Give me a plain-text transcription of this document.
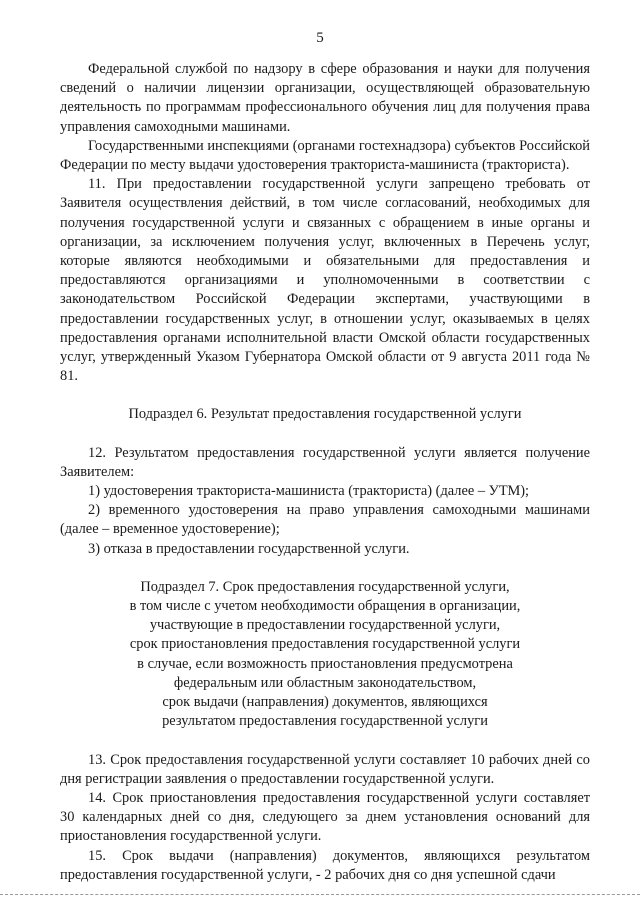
5

Федеральной службой по надзору в сфере образования и науки для получения сведений о наличии лицензии организации, осуществляющей образовательную деятельность по программам профессионального обучения лиц для получения права управления самоходными машинами.

Государственными инспекциями (органами гостехнадзора) субъектов Российской Федерации по месту выдачи удостоверения тракториста-машиниста (тракториста).

11. При предоставлении государственной услуги запрещено требовать от Заявителя осуществления действий, в том числе согласований, необходимых для получения государственной услуги и связанных с обращением в иные органы и организации, за исключением получения услуг, включенных в Перечень услуг, которые являются необходимыми и обязательными для предоставления и предоставляются организациями и уполномоченными в соответствии с законодательством Российской Федерации экспертами, участвующими в предоставлении государственных услуг, в отношении услуг, оказываемых в целях предоставления органами исполнительной власти Омской области государственных услуг, утвержденный Указом Губернатора Омской области от 9 августа 2011 года № 81.

Подраздел 6. Результат предоставления государственной услуги

12. Результатом предоставления государственной услуги является получение Заявителем:

1) удостоверения тракториста-машиниста (тракториста) (далее – УТМ);

2) временного удостоверения на право управления самоходными машинами (далее – временное удостоверение);

3) отказа в предоставлении государственной услуги.

Подраздел 7. Срок предоставления государственной услуги,

в том числе с учетом необходимости обращения в организации,

участвующие в предоставлении государственной услуги,

срок приостановления предоставления государственной услуги

в случае, если возможность приостановления предусмотрена

федеральным или областным законодательством,

срок выдачи (направления) документов, являющихся

результатом предоставления государственной услуги

13. Срок предоставления государственной услуги составляет 10 рабочих дней со дня регистрации заявления о предоставлении государственной услуги.

14. Срок приостановления предоставления государственной услуги составляет 30 календарных дней со дня, следующего за днем установления оснований для приостановления государственной услуги.

15. Срок выдачи (направления) документов, являющихся результатом предоставления государственной услуги, - 2 рабочих дня со дня успешной сдачи
